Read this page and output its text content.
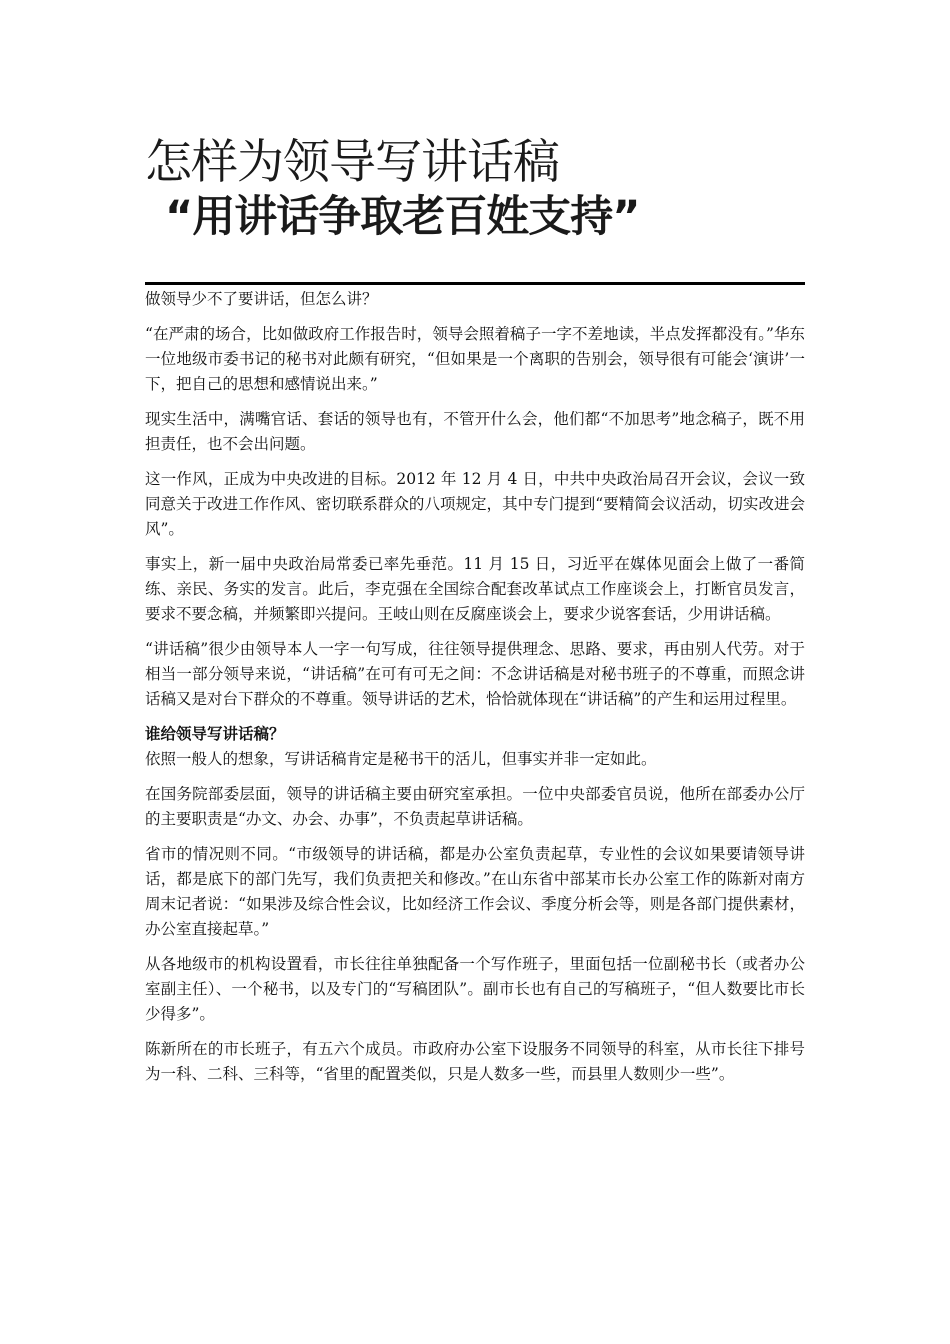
怎样为领导写讲话稿
“用讲话争取老百姓支持”

做领导少不了要讲话，但怎么讲？

“在严肃的场合，比如做政府工作报告时，领导会照着稿子一字不差地读，半点发挥都没有。”华东一位地级市委书记的秘书对此颇有研究，“但如果是一个离职的告别会，领导很有可能会‘演讲’一下，把自己的思想和感情说出来。”

现实生活中，满嘴官话、套话的领导也有，不管开什么会，他们都“不加思考”地念稿子，既不用担责任，也不会出问题。

这一作风，正成为中央改进的目标。2012 年 12 月 4 日，中共中央政治局召开会议，会议一致同意关于改进工作作风、密切联系群众的八项规定，其中专门提到“要精简会议活动，切实改进会风”。

事实上，新一届中央政治局常委已率先垂范。11 月 15 日，习近平在媒体见面会上做了一番简练、亲民、务实的发言。此后，李克强在全国综合配套改革试点工作座谈会上，打断官员发言，要求不要念稿，并频繁即兴提问。王岐山则在反腐座谈会上，要求少说客套话，少用讲话稿。

“讲话稿”很少由领导本人一字一句写成，往往领导提供理念、思路、要求，再由别人代劳。对于相当一部分领导来说，“讲话稿”在可有可无之间：不念讲话稿是对秘书班子的不尊重，而照念讲话稿又是对台下群众的不尊重。领导讲话的艺术，恰恰就体现在“讲话稿”的产生和运用过程里。

谁给领导写讲话稿？

依照一般人的想象，写讲话稿肯定是秘书干的活儿，但事实并非一定如此。

在国务院部委层面，领导的讲话稿主要由研究室承担。一位中央部委官员说，他所在部委办公厅的主要职责是“办文、办会、办事”，不负责起草讲话稿。

省市的情况则不同。“市级领导的讲话稿，都是办公室负责起草，专业性的会议如果要请领导讲话，都是底下的部门先写，我们负责把关和修改。”在山东省中部某市长办公室工作的陈新对南方周末记者说：“如果涉及综合性会议，比如经济工作会议、季度分析会等，则是各部门提供素材，办公室直接起草。”

从各地级市的机构设置看，市长往往单独配备一个写作班子，里面包括一位副秘书长（或者办公室副主任）、一个秘书，以及专门的“写稿团队”。副市长也有自己的写稿班子，“但人数要比市长少得多”。

陈新所在的市长班子，有五六个成员。市政府办公室下设服务不同领导的科室，从市长往下排号为一科、二科、三科等，“省里的配置类似，只是人数多一些，而县里人数则少一些”。
